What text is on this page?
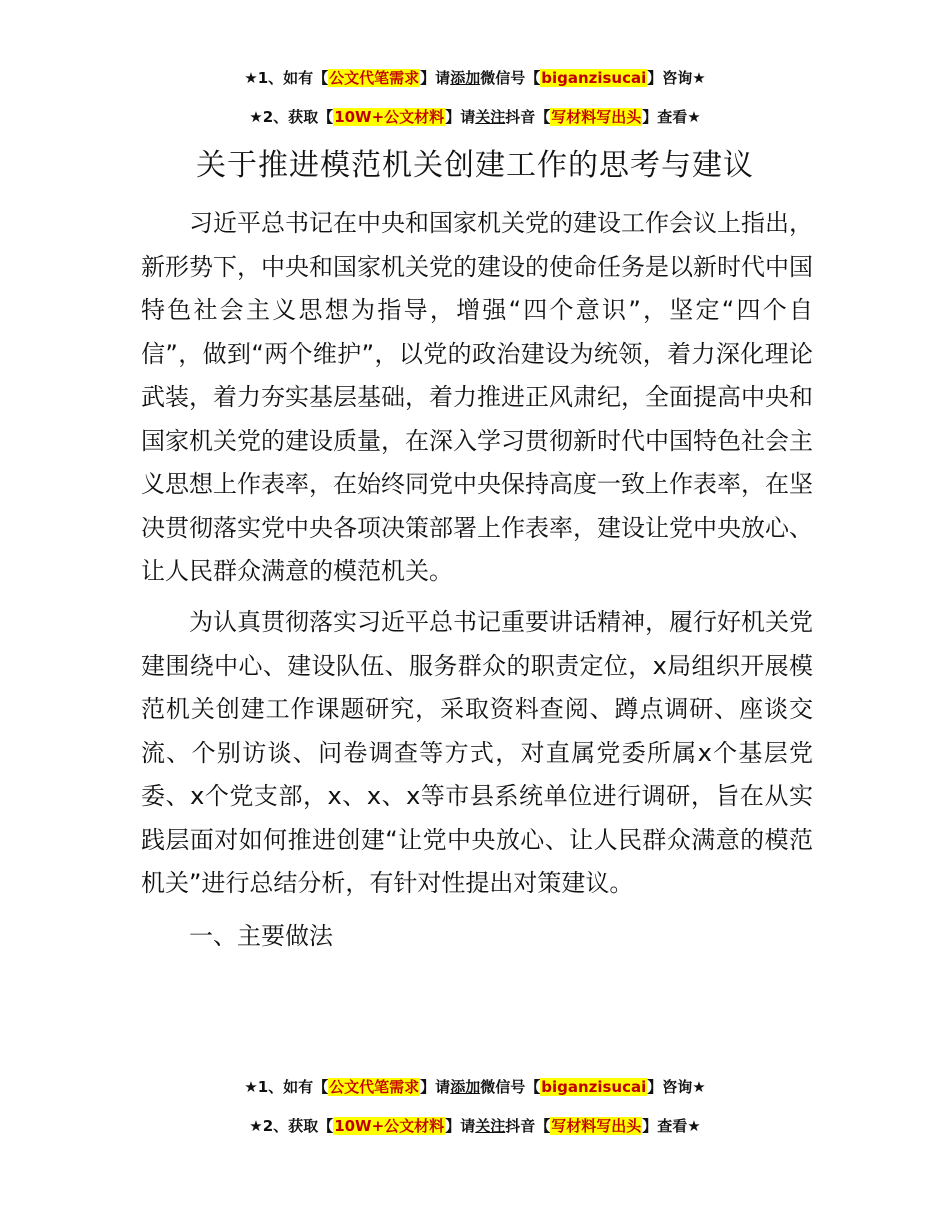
★1、如有【公文代笔需求】请添加微信号【biganzisucai】咨询★
★2、获取【10W+公文材料】请关注抖音【写材料写出头】查看★
关于推进模范机关创建工作的思考与建议

习近平总书记在中央和国家机关党的建设工作会议上指出，新形势下，中央和国家机关党的建设的使命任务是以新时代中国特色社会主义思想为指导，增强“四个意识”，坚定“四个自信”，做到“两个维护”，以党的政治建设为统领，着力深化理论武装，着力夯实基层基础，着力推进正风肃纪，全面提高中央和国家机关党的建设质量，在深入学习贯彻新时代中国特色社会主义思想上作表率，在始终同党中央保持高度一致上作表率，在坚决贯彻落实党中央各项决策部署上作表率，建设让党中央放心、让人民群众满意的模范机关。

为认真贯彻落实习近平总书记重要讲话精神，履行好机关党建围绕中心、建设队伍、服务群众的职责定位，x局组织开展模范机关创建工作课题研究，采取资料查阅、蹲点调研、座谈交流、个别访谈、问卷调查等方式，对直属党委所属x个基层党委、x个党支部，x、x、x等市县系统单位进行调研，旨在从实践层面对如何推进创建“让党中央放心、让人民群众满意的模范机关”进行总结分析，有针对性提出对策建议。

一、主要做法

★1、如有【公文代笔需求】请添加微信号【biganzisucai】咨询★
★2、获取【10W+公文材料】请关注抖音【写材料写出头】查看★
